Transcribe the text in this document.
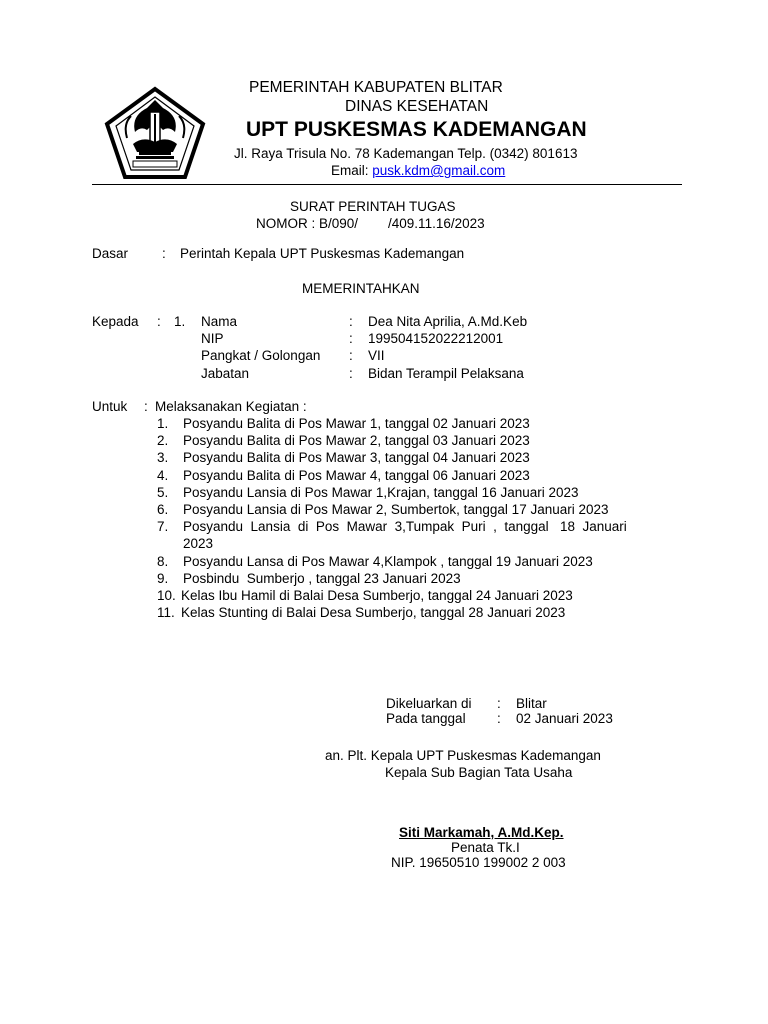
PEMERINTAH KABUPATEN BLITAR
DINAS KESEHATAN
UPT PUSKESMAS KADEMANGAN
Jl. Raya Trisula No. 78 Kademangan Telp. (0342) 801613
Email: pusk.kdm@gmail.com
SURAT PERINTAH TUGAS
NOMOR : B/090/        /409.11.16/2023
Dasar	: Perintah Kepala UPT Puskesmas Kademangan
MEMERINTAHKAN
Kepada : 1. Nama	: Dea Nita Aprilia, A.Md.Keb
NIP	: 199504152022212001
Pangkat / Golongan : VII
Jabatan	: Bidan Terampil Pelaksana
Untuk : Melaksanakan Kegiatan :
1. Posyandu Balita di Pos Mawar 1, tanggal 02 Januari 2023
2. Posyandu Balita di Pos Mawar 2, tanggal 03 Januari 2023
3. Posyandu Balita di Pos Mawar 3, tanggal 04 Januari 2023
4. Posyandu Balita di Pos Mawar 4, tanggal 06 Januari 2023
5. Posyandu Lansia di Pos Mawar 1,Krajan, tanggal 16 Januari 2023
6. Posyandu Lansia di Pos Mawar 2, Sumbertok, tanggal 17 Januari 2023
7. Posyandu  Lansia  di  Pos  Mawar  3,Tumpak  Puri  ,  tanggal   18  Januari
2023
8. Posyandu Lansa di Pos Mawar 4,Klampok , tanggal 19 Januari 2023
9. Posbindu  Sumberjo , tanggal 23 Januari 2023
10. Kelas Ibu Hamil di Balai Desa Sumberjo, tanggal 24 Januari 2023
11. Kelas Stunting di Balai Desa Sumberjo, tanggal 28 Januari 2023
Dikeluarkan di : Blitar
Pada tanggal : 02 Januari 2023
an. Plt. Kepala UPT Puskesmas Kademangan
Kepala Sub Bagian Tata Usaha
Siti Markamah, A.Md.Kep.
Penata Tk.I
NIP. 19650510 199002 2 003
